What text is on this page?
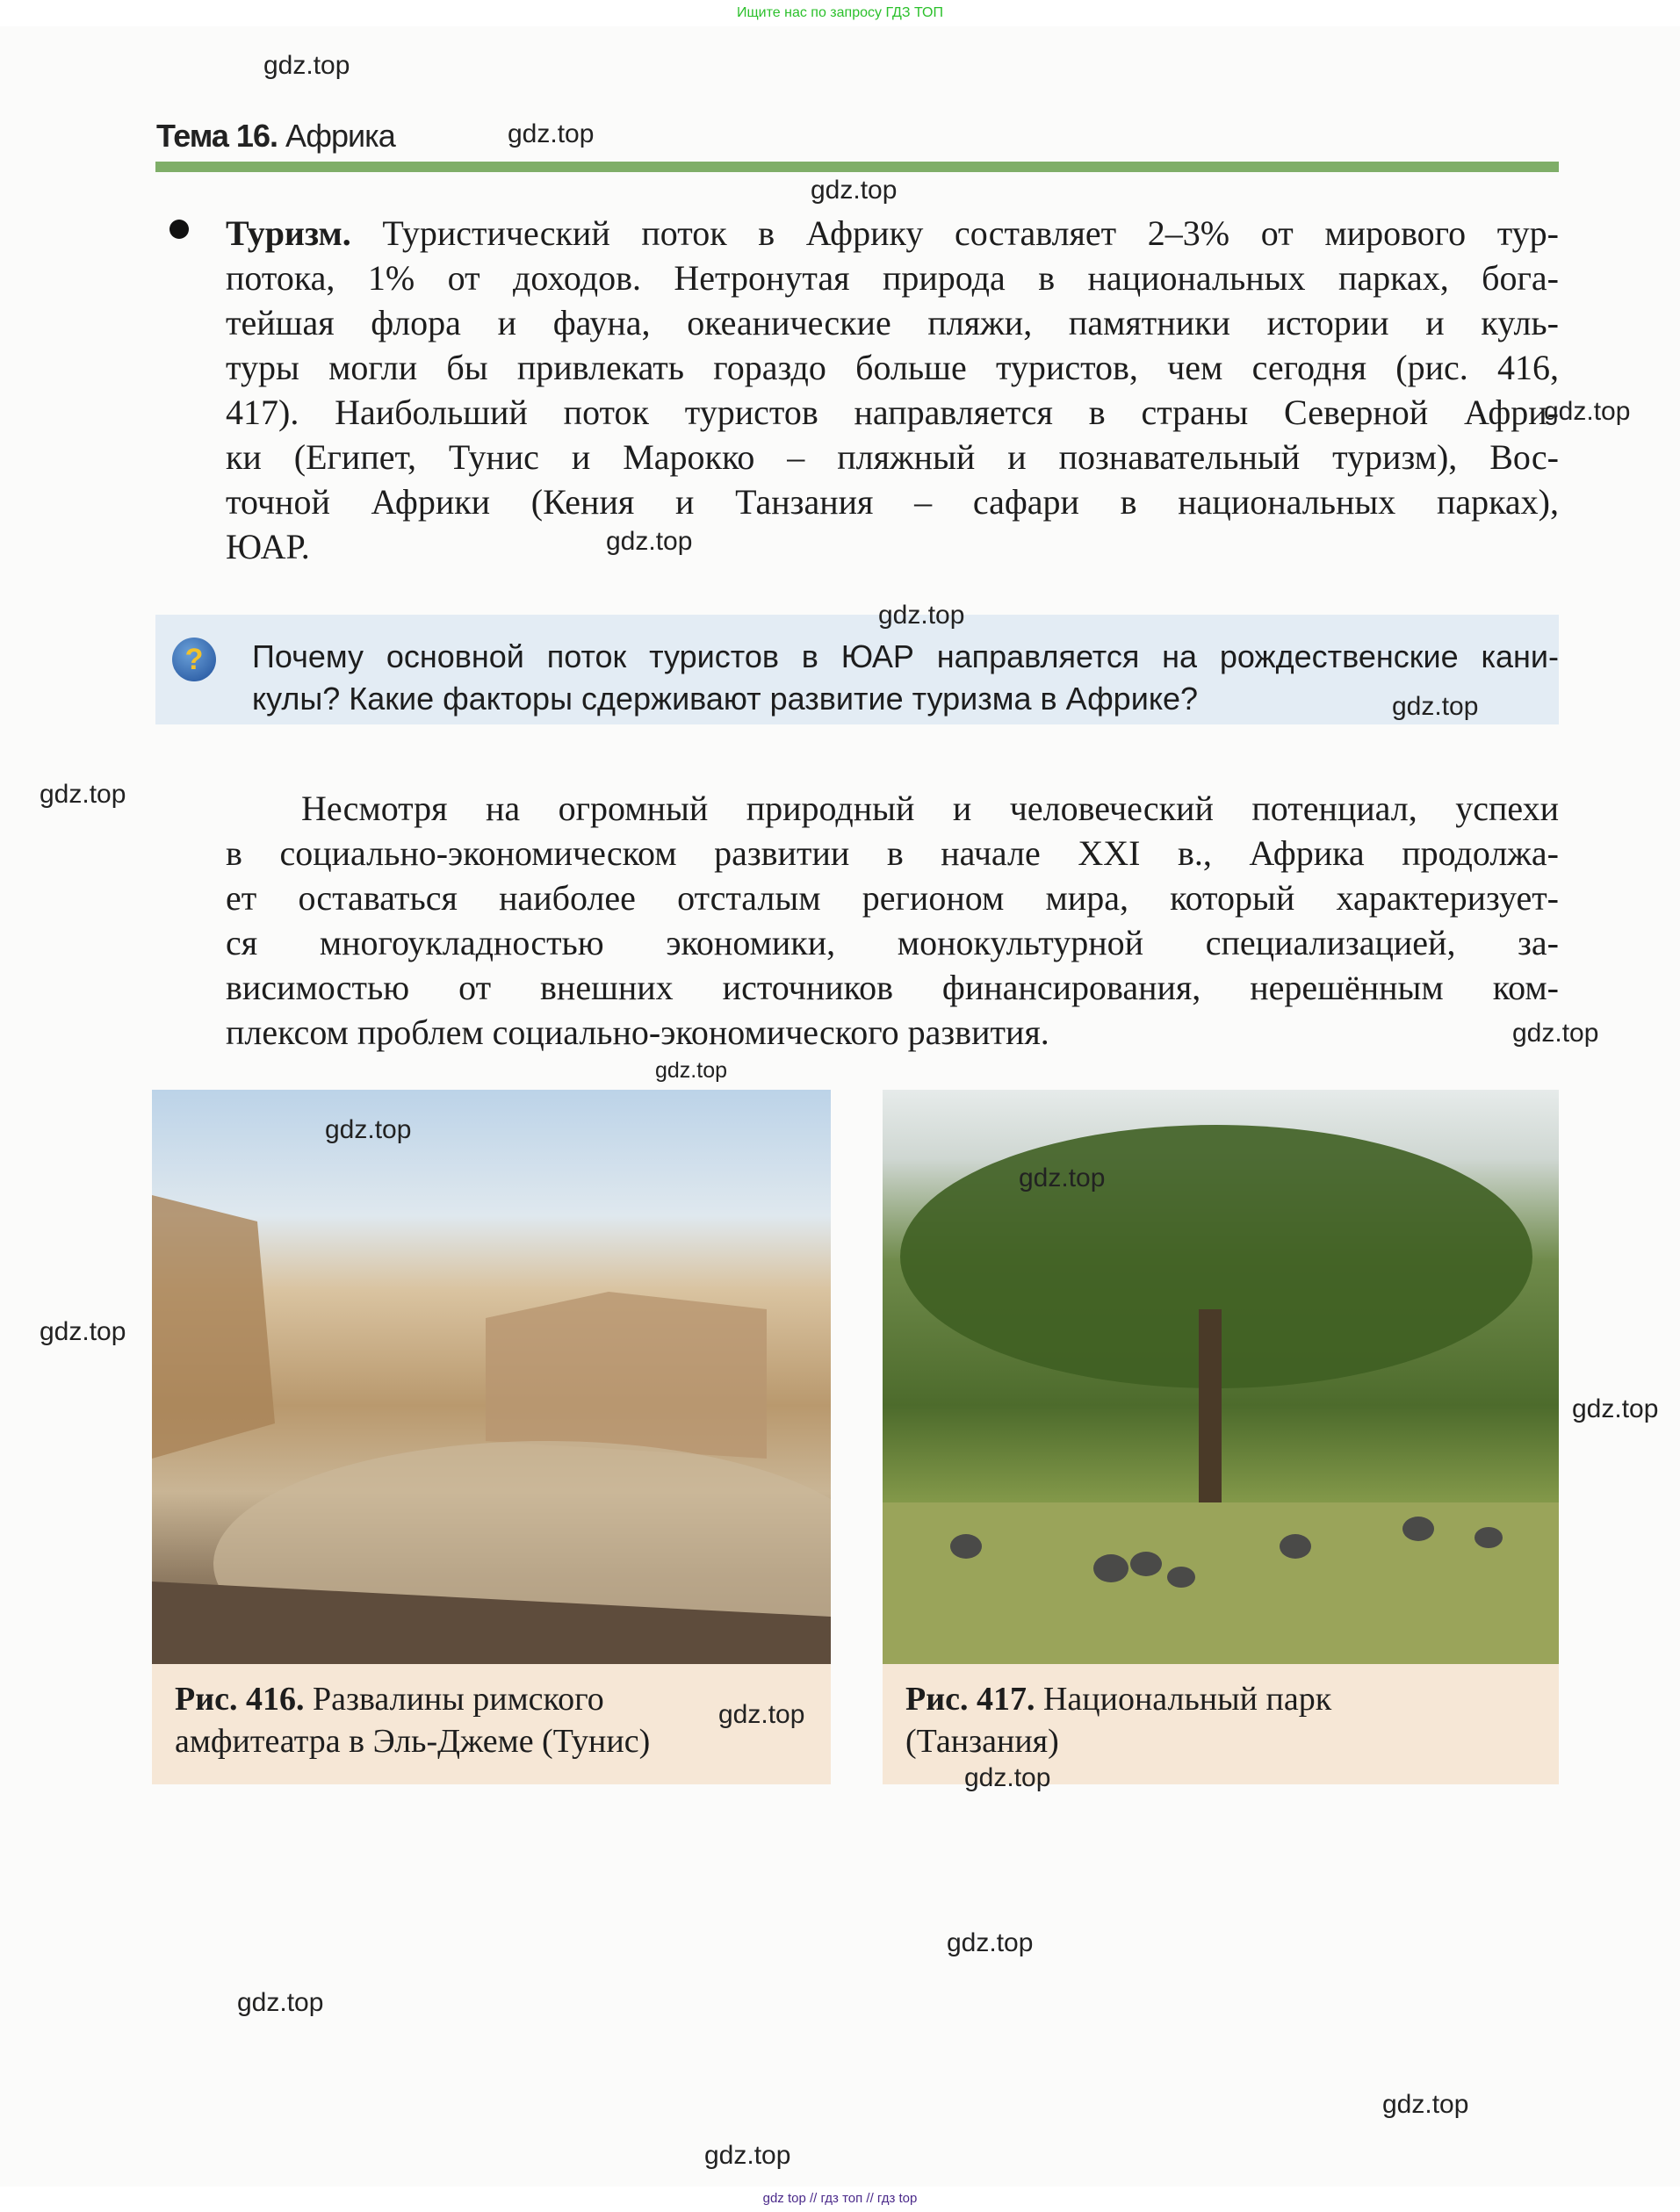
Ищите нас по запросу ГДЗ ТОП
Тема 16. Африка
Туризм. Туристический поток в Африку составляет 2–3% от мирового тур-
потока, 1% от доходов. Нетронутая природа в национальных парках, бога-
тейшая флора и фауна, океанические пляжи, памятники истории и куль-
туры могли бы привлекать гораздо больше туристов, чем сегодня (рис. 416,
417). Наибольший поток туристов направляется в страны Северной Афри-
ки (Египет, Тунис и Марокко – пляжный и познавательный туризм), Вос-
точной Африки (Кения и Танзания – сафари в национальных парках),
ЮАР.
?	Почему основной поток туристов в ЮАР направляется на рождественские кани-
кулы? Какие факторы сдерживают развитие туризма в Африке?
Несмотря на огромный природный и человеческий потенциал, успехи
в социально-экономическом развитии в начале XXI в., Африка продолжа-
ет оставаться наиболее отсталым регионом мира, который характеризует-
ся многоукладностью экономики, монокультурной специализацией, за-
висимостью от внешних источников финансирования, нерешённым ком-
плексом проблем социально-экономического развития.
Рис. 416. Развалины римского
амфитеатра в Эль-Джеме (Тунис)
Рис. 417. Национальный парк
(Танзания)
gdz.top
gdz.top
gdz.top
gdz.top
gdz.top
gdz.top
gdz.top
gdz.top
gdz.top
gdz.top
gdz.top
gdz.top
gdz.top
gdz.top
gdz.top
gdz.top
gdz.top
gdz.top
gdz.top
gdz.top
gdz top // гдз топ // гдз top
